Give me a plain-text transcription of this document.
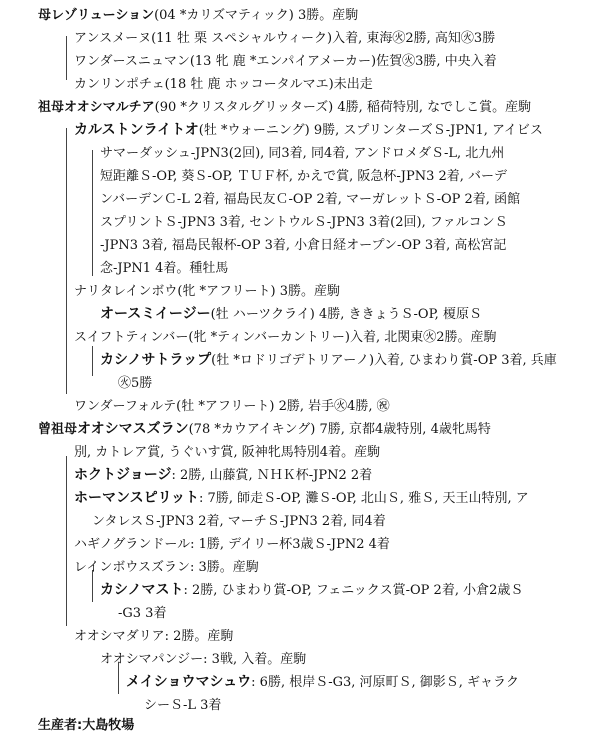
母レゾリューション(04 *カリズマティック) 3勝。産駒
アンスメーヌ(11 牡 栗 スペシャルウィーク)入着, 東海㊋2勝, 高知㊋3勝
ワンダースニュマン(13 牝 鹿 *エンパイアメーカー)佐賀㊋3勝, 中央入着
カンリンポチェ(18 牡 鹿 ホッコータルマエ)未出走
祖母オオシマルチア(90 *クリスタルグリッターズ) 4勝, 稲荷特別, なでしこ賞。産駒
カルストンライトオ(牡 *ウォーニング) 9勝, スプリンターズＳ-JPN1, アイビス
サマーダッシュ-JPN3(2回), 同3着, 同4着, アンドロメダＳ-L, 北九州
短距離Ｓ-OP, 葵Ｓ-OP, ＴＵＦ杯, かえで賞, 阪急杯-JPN3 2着, バーデ
ンバーデンＣ-L 2着, 福島民友Ｃ-OP 2着, マーガレットＳ-OP 2着, 函館
スプリントＳ-JPN3 3着, セントウルＳ-JPN3 3着(2回), ファルコンＳ
-JPN3 3着, 福島民報杯-OP 3着, 小倉日経オープン-OP 3着, 高松宮記
念-JPN1 4着。種牡馬
ナリタレインボウ(牝 *アフリート) 3勝。産駒
オースミイージー(牡 ハーツクライ) 4勝, ききょうＳ-OP, 榎原Ｓ
スイフトティンバー(牝 *ティンバーカントリー)入着, 北関東㊋2勝。産駒
カシノサトラップ(牡 *ロドリゴデトリアーノ)入着, ひまわり賞-OP 3着, 兵庫
㊋5勝
ワンダーフォルテ(牡 *アフリート) 2勝, 岩手㊋4勝, ㊗
曾祖母オオシマスズラン(78 *カウアイキング) 7勝, 京都4歳特別, 4歳牝馬特
別, カトレア賞, うぐいす賞, 阪神牝馬特別4着。産駒
ホクトジョージ: 2勝, 山藤賞, ＮＨＫ杯-JPN2 2着
ホーマンスピリット: 7勝, 師走Ｓ-OP, 灘Ｓ-OP, 北山Ｓ, 雅Ｓ, 天王山特別, ア
ンタレスＳ-JPN3 2着, マーチＳ-JPN3 2着, 同4着
ハギノグランドール: 1勝, デイリー杯3歳Ｓ-JPN2 4着
レインボウスズラン: 3勝。産駒
カシノマスト: 2勝, ひまわり賞-OP, フェニックス賞-OP 2着, 小倉2歳Ｓ
-G3 3着
オオシマダリア: 2勝。産駒
オオシマパンジー: 3戦, 入着。産駒
メイショウマシュウ: 6勝, 根岸Ｓ-G3, 河原町Ｓ, 御影Ｓ, ギャラク
シーＳ-L 3着
生産者:大島牧場
